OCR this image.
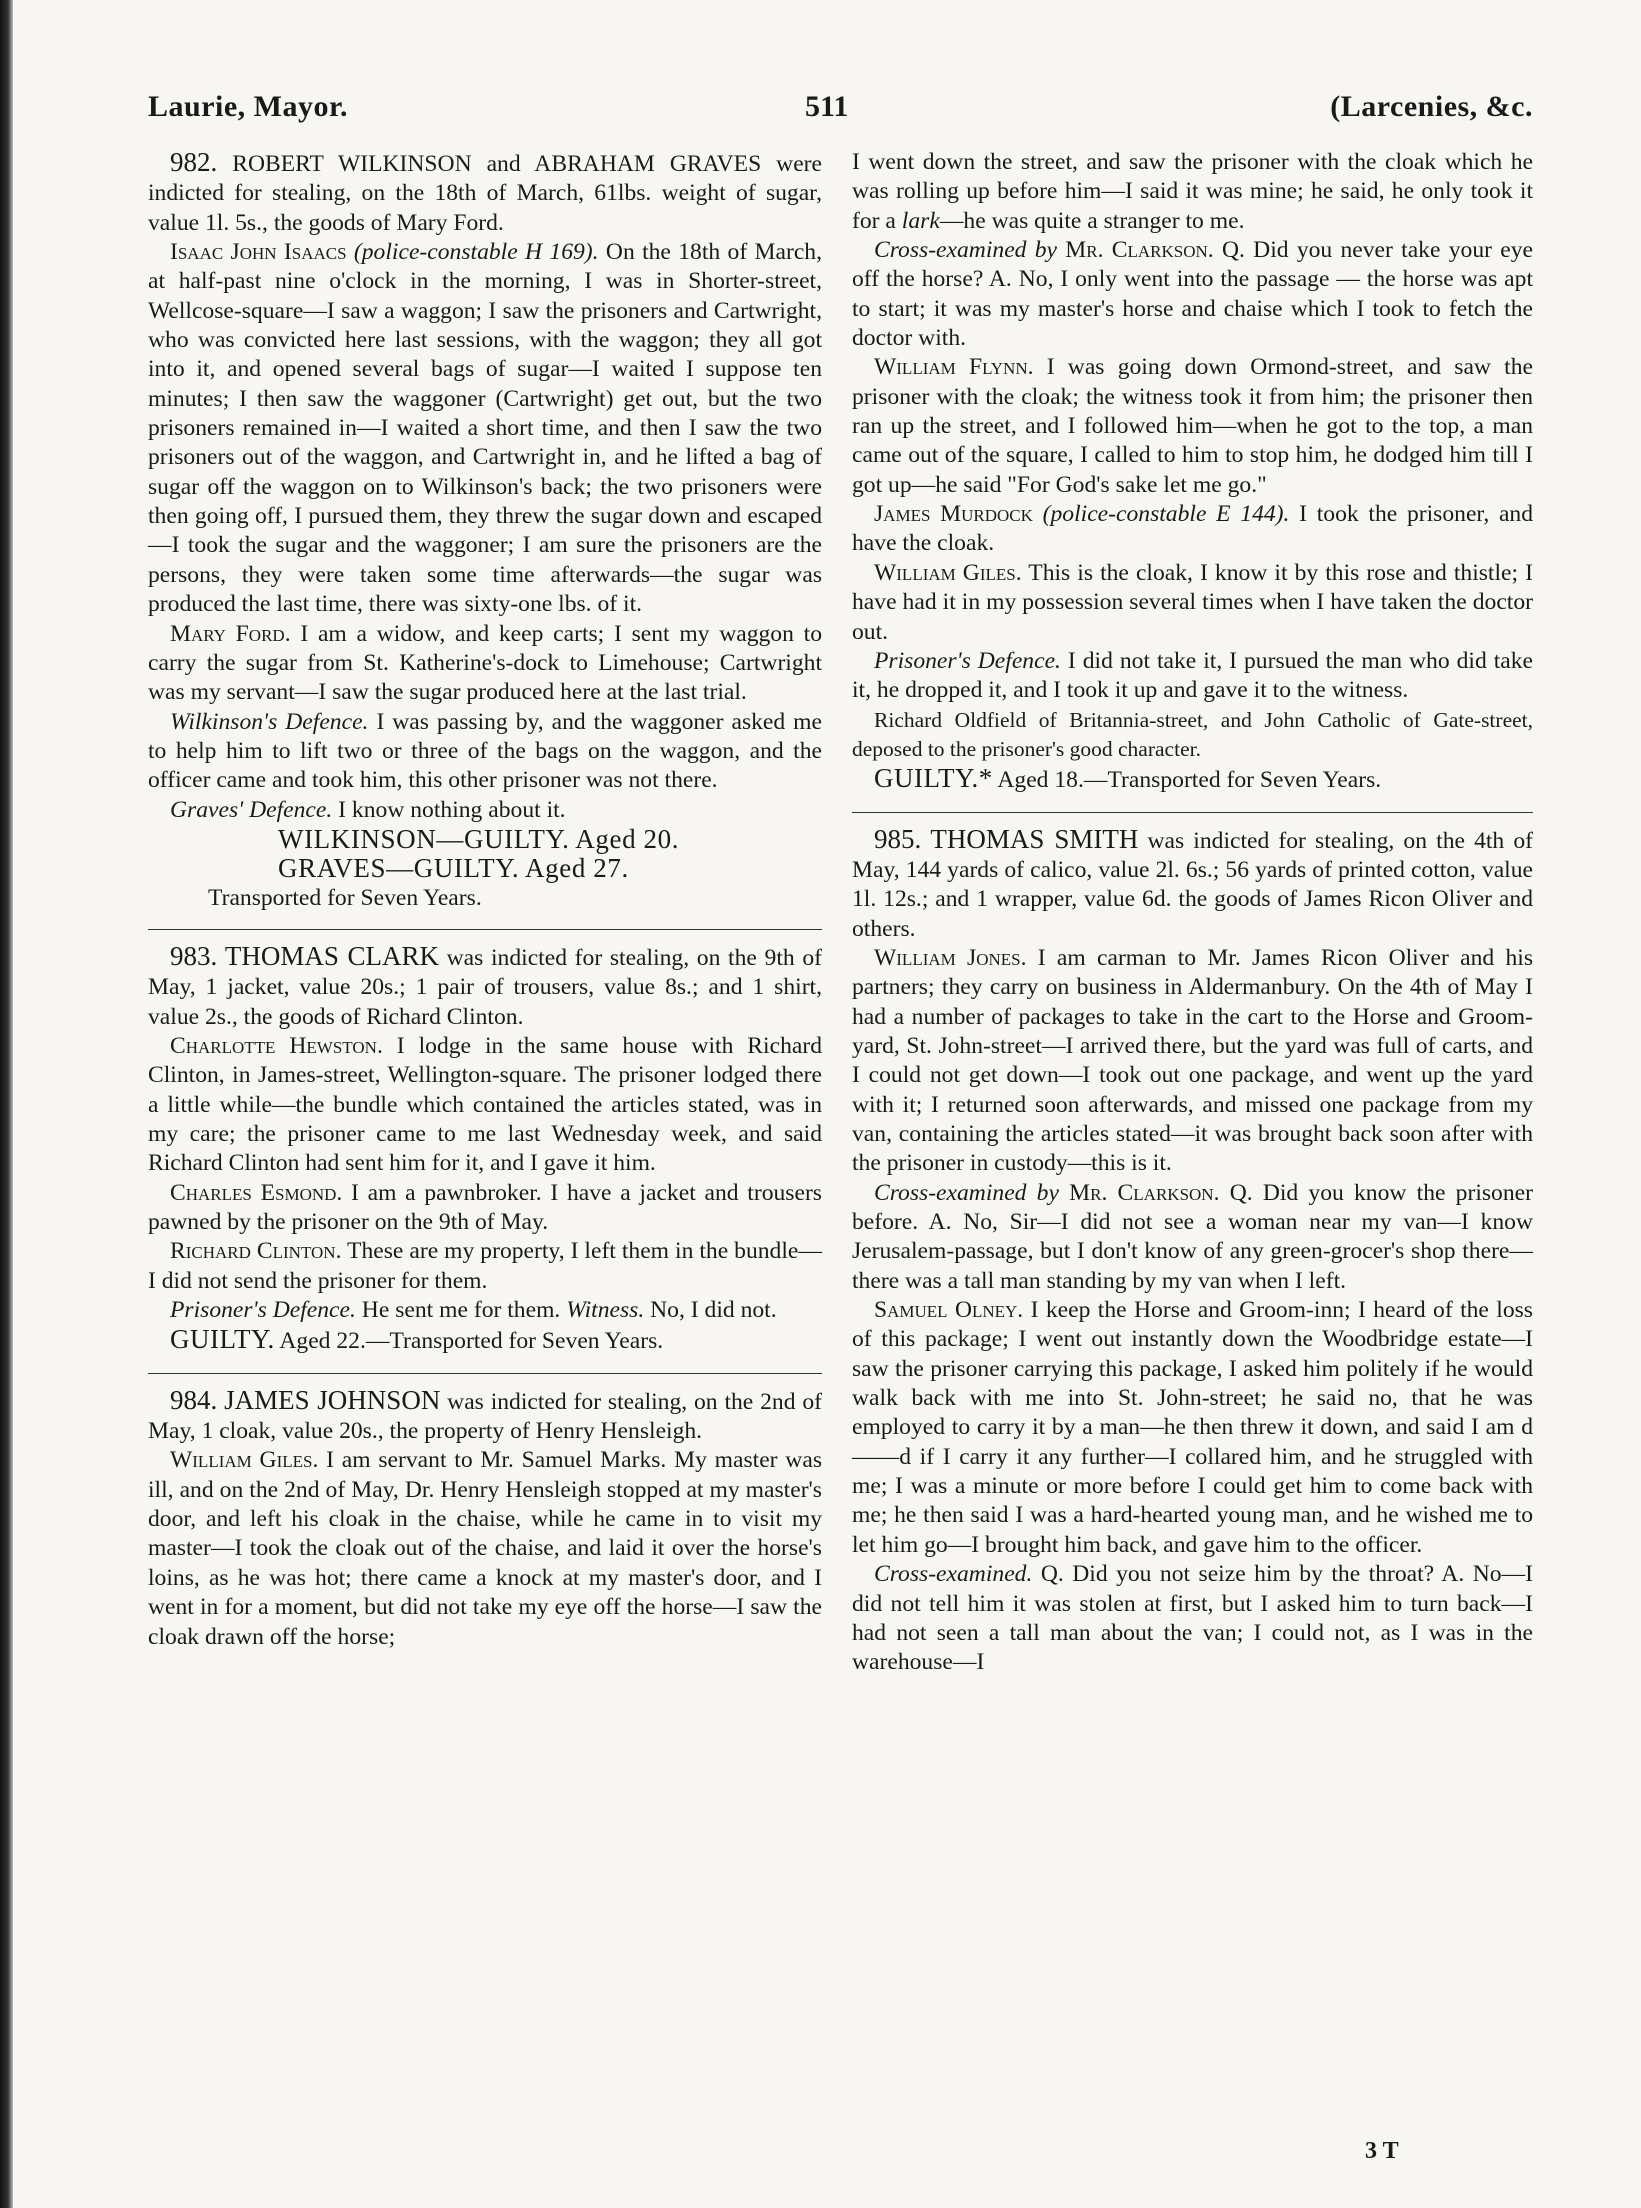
Laurie, Mayor.	511	(Larcenies, &c.

982. ROBERT WILKINSON and ABRAHAM GRAVES were indicted for stealing, on the 18th of March, 61lbs. weight of sugar, value 1l. 5s., the goods of Mary Ford.

Isaac John Isaacs (police-constable H 169). On the 18th of March, at half-past nine o'clock in the morning, I was in Shorter-street, Wellcose-square—I saw a waggon; I saw the prisoners and Cartwright, who was convicted here last sessions, with the waggon; they all got into it, and opened several bags of sugar—I waited I suppose ten minutes; I then saw the waggoner (Cartwright) get out, but the two prisoners remained in—I waited a short time, and then I saw the two prisoners out of the waggon, and Cartwright in, and he lifted a bag of sugar off the waggon on to Wilkinson's back; the two prisoners were then going off, I pursued them, they threw the sugar down and escaped—I took the sugar and the waggoner; I am sure the prisoners are the persons, they were taken some time afterwards—the sugar was produced the last time, there was sixty-one lbs. of it.

Mary Ford. I am a widow, and keep carts; I sent my waggon to carry the sugar from St. Katherine's-dock to Limehouse; Cartwright was my servant—I saw the sugar produced here at the last trial.

Wilkinson's Defence. I was passing by, and the waggoner asked me to help him to lift two or three of the bags on the waggon, and the officer came and took him, this other prisoner was not there.

Graves' Defence. I know nothing about it.

WILKINSON—GUILTY. Aged 20.
GRAVES—GUILTY. Aged 27.
Transported for Seven Years.

983. THOMAS CLARK was indicted for stealing, on the 9th of May, 1 jacket, value 20s.; 1 pair of trousers, value 8s.; and 1 shirt, value 2s., the goods of Richard Clinton.

Charlotte Hewston. I lodge in the same house with Richard Clinton, in James-street, Wellington-square. The prisoner lodged there a little while—the bundle which contained the articles stated, was in my care; the prisoner came to me last Wednesday week, and said Richard Clinton had sent him for it, and I gave it him.

Charles Esmond. I am a pawnbroker. I have a jacket and trousers pawned by the prisoner on the 9th of May.

Richard Clinton. These are my property, I left them in the bundle—I did not send the prisoner for them.

Prisoner's Defence. He sent me for them. Witness. No, I did not.

GUILTY. Aged 22.—Transported for Seven Years.

984. JAMES JOHNSON was indicted for stealing, on the 2nd of May, 1 cloak, value 20s., the property of Henry Hensleigh.

William Giles. I am servant to Mr. Samuel Marks. My master was ill, and on the 2nd of May, Dr. Henry Hensleigh stopped at my master's door, and left his cloak in the chaise, while he came in to visit my master—I took the cloak out of the chaise, and laid it over the horse's loins, as he was hot; there came a knock at my master's door, and I went in for a moment, but did not take my eye off the horse—I saw the cloak drawn off the horse;

I went down the street, and saw the prisoner with the cloak which he was rolling up before him—I said it was mine; he said, he only took it for a lark—he was quite a stranger to me.

Cross-examined by Mr. Clarkson. Q. Did you never take your eye off the horse? A. No, I only went into the passage — the horse was apt to start; it was my master's horse and chaise which I took to fetch the doctor with.

William Flynn. I was going down Ormond-street, and saw the prisoner with the cloak; the witness took it from him; the prisoner then ran up the street, and I followed him—when he got to the top, a man came out of the square, I called to him to stop him, he dodged him till I got up—he said "For God's sake let me go."

James Murdock (police-constable E 144). I took the prisoner, and have the cloak.

William Giles. This is the cloak, I know it by this rose and thistle; I have had it in my possession several times when I have taken the doctor out.

Prisoner's Defence. I did not take it, I pursued the man who did take it, he dropped it, and I took it up and gave it to the witness.

Richard Oldfield of Britannia-street, and John Catholic of Gate-street, deposed to the prisoner's good character.

GUILTY.* Aged 18.—Transported for Seven Years.

985. THOMAS SMITH was indicted for stealing, on the 4th of May, 144 yards of calico, value 2l. 6s.; 56 yards of printed cotton, value 1l. 12s.; and 1 wrapper, value 6d. the goods of James Ricon Oliver and others.

William Jones. I am carman to Mr. James Ricon Oliver and his partners; they carry on business in Aldermanbury. On the 4th of May I had a number of packages to take in the cart to the Horse and Groom-yard, St. John-street—I arrived there, but the yard was full of carts, and I could not get down—I took out one package, and went up the yard with it; I returned soon afterwards, and missed one package from my van, containing the articles stated—it was brought back soon after with the prisoner in custody—this is it.

Cross-examined by Mr. Clarkson. Q. Did you know the prisoner before. A. No, Sir—I did not see a woman near my van—I know Jerusalem-passage, but I don't know of any green-grocer's shop there—there was a tall man standing by my van when I left.

Samuel Olney. I keep the Horse and Groom-inn; I heard of the loss of this package; I went out instantly down the Woodbridge estate—I saw the prisoner carrying this package, I asked him politely if he would walk back with me into St. John-street; he said no, that he was employed to carry it by a man—he then threw it down, and said I am d——d if I carry it any further—I collared him, and he struggled with me; I was a minute or more before I could get him to come back with me; he then said I was a hard-hearted young man, and he wished me to let him go—I brought him back, and gave him to the officer.

Cross-examined. Q. Did you not seize him by the throat? A. No—I did not tell him it was stolen at first, but I asked him to turn back—I had not seen a tall man about the van; I could not, as I was in the warehouse—I

3 T
